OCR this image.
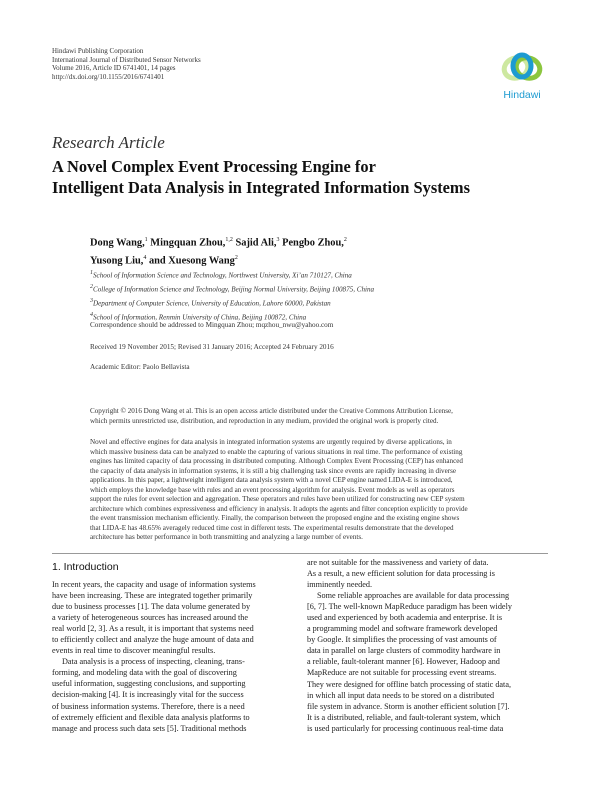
Hindawi Publishing Corporation
International Journal of Distributed Sensor Networks
Volume 2016, Article ID 6741401, 14 pages
http://dx.doi.org/10.1155/2016/6741401
Hindawi
Research Article
A Novel Complex Event Processing Engine for
Intelligent Data Analysis in Integrated Information Systems
Dong Wang,$^1$ Mingquan Zhou,$^{1,2}$ Sajid Ali,$^3$ Pengbo Zhou,$^2$
Yusong Liu,$^4$ and Xuesong Wang$^2$
$^1$School of Information Science and Technology, Northwest University, Xi’an 710127, China
$^2$College of Information Science and Technology, Beijing Normal University, Beijing 100875, China
$^3$Department of Computer Science, University of Education, Lahore 60000, Pakistan
$^4$School of Information, Renmin University of China, Beijing 100872, China
Correspondence should be addressed to Mingquan Zhou; mqzhou_nwu@yahoo.com
Received 19 November 2015; Revised 31 January 2016; Accepted 24 February 2016
Academic Editor: Paolo Bellavista
Copyright © 2016 Dong Wang et al. This is an open access article distributed under the Creative Commons Attribution License,
which permits unrestricted use, distribution, and reproduction in any medium, provided the original work is properly cited.
Novel and effective engines for data analysis in integrated information systems are urgently required by diverse applications, in
which massive business data can be analyzed to enable the capturing of various situations in real time. The performance of existing
engines has limited capacity of data processing in distributed computing. Although Complex Event Processing (CEP) has enhanced
the capacity of data analysis in information systems, it is still a big challenging task since events are rapidly increasing in diverse
applications. In this paper, a lightweight intelligent data analysis system with a novel CEP engine named LIDA-E is introduced,
which employs the knowledge base with rules and an event processing algorithm for analysis. Event models as well as operators
support the rules for event selection and aggregation. These operators and rules have been utilized for constructing new CEP system
architecture which combines expressiveness and efficiency in analysis. It adopts the agents and filter conception explicitly to provide
the event transmission mechanism efficiently. Finally, the comparison between the proposed engine and the existing engine shows
that LIDA-E has 48.65% averagely reduced time cost in different tests. The experimental results demonstrate that the developed
architecture has better performance in both transmitting and analyzing a large number of events.
1. Introduction
In recent years, the capacity and usage of information systems
have been increasing. These are integrated together primarily
due to business processes [1]. The data volume generated by
a variety of heterogeneous sources has increased around the
real world [2, 3]. As a result, it is important that systems need
to efficiently collect and analyze the huge amount of data and
events in real time to discover meaningful results.
Data analysis is a process of inspecting, cleaning, trans-
forming, and modeling data with the goal of discovering
useful information, suggesting conclusions, and supporting
decision-making [4]. It is increasingly vital for the success
of business information systems. Therefore, there is a need
of extremely efficient and flexible data analysis platforms to
manage and process such data sets [5]. Traditional methods
are not suitable for the massiveness and variety of data.
As a result, a new efficient solution for data processing is
imminently needed.
Some reliable approaches are available for data processing
[6, 7]. The well-known MapReduce paradigm has been widely
used and experienced by both academia and enterprise. It is
a programming model and software framework developed
by Google. It simplifies the processing of vast amounts of
data in parallel on large clusters of commodity hardware in
a reliable, fault-tolerant manner [6]. However, Hadoop and
MapReduce are not suitable for processing event streams.
They were designed for offline batch processing of static data,
in which all input data needs to be stored on a distributed
file system in advance. Storm is another efficient solution [7].
It is a distributed, reliable, and fault-tolerant system, which
is used particularly for processing continuous real-time data
